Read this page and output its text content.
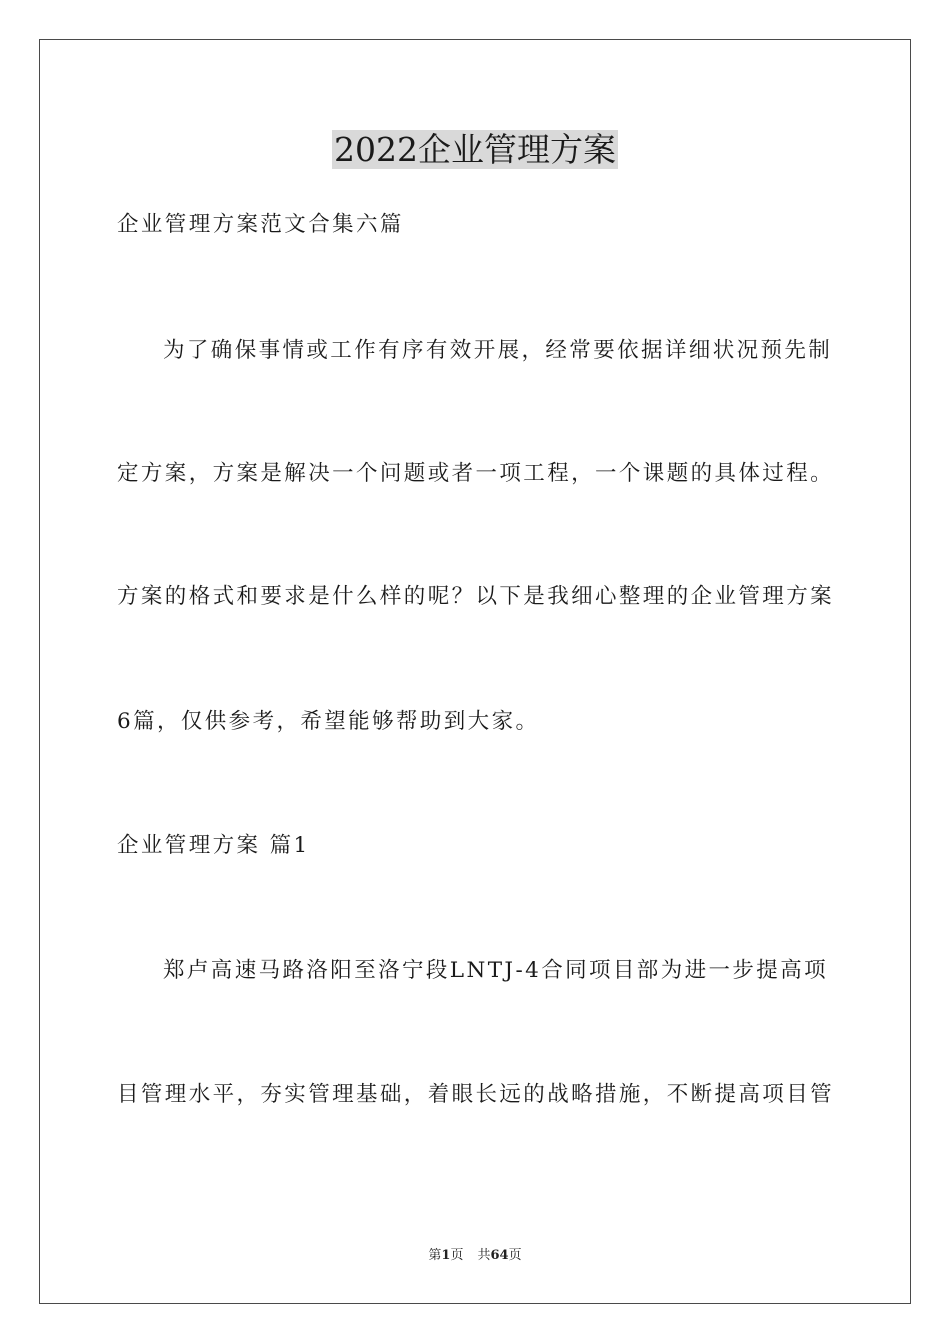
2022企业管理方案

企业管理方案范文合集六篇

为了确保事情或工作有序有效开展，经常要依据详细状况预先制

定方案，方案是解决一个问题或者一项工程，一个课题的具体过程。

方案的格式和要求是什么样的呢？以下是我细心整理的企业管理方案

6篇，仅供参考，希望能够帮助到大家。

企业管理方案 篇1

郑卢高速马路洛阳至洛宁段LNTJ-4合同项目部为进一步提高项

目管理水平，夯实管理基础，着眼长远的战略措施，不断提高项目管

第1页 共64页
